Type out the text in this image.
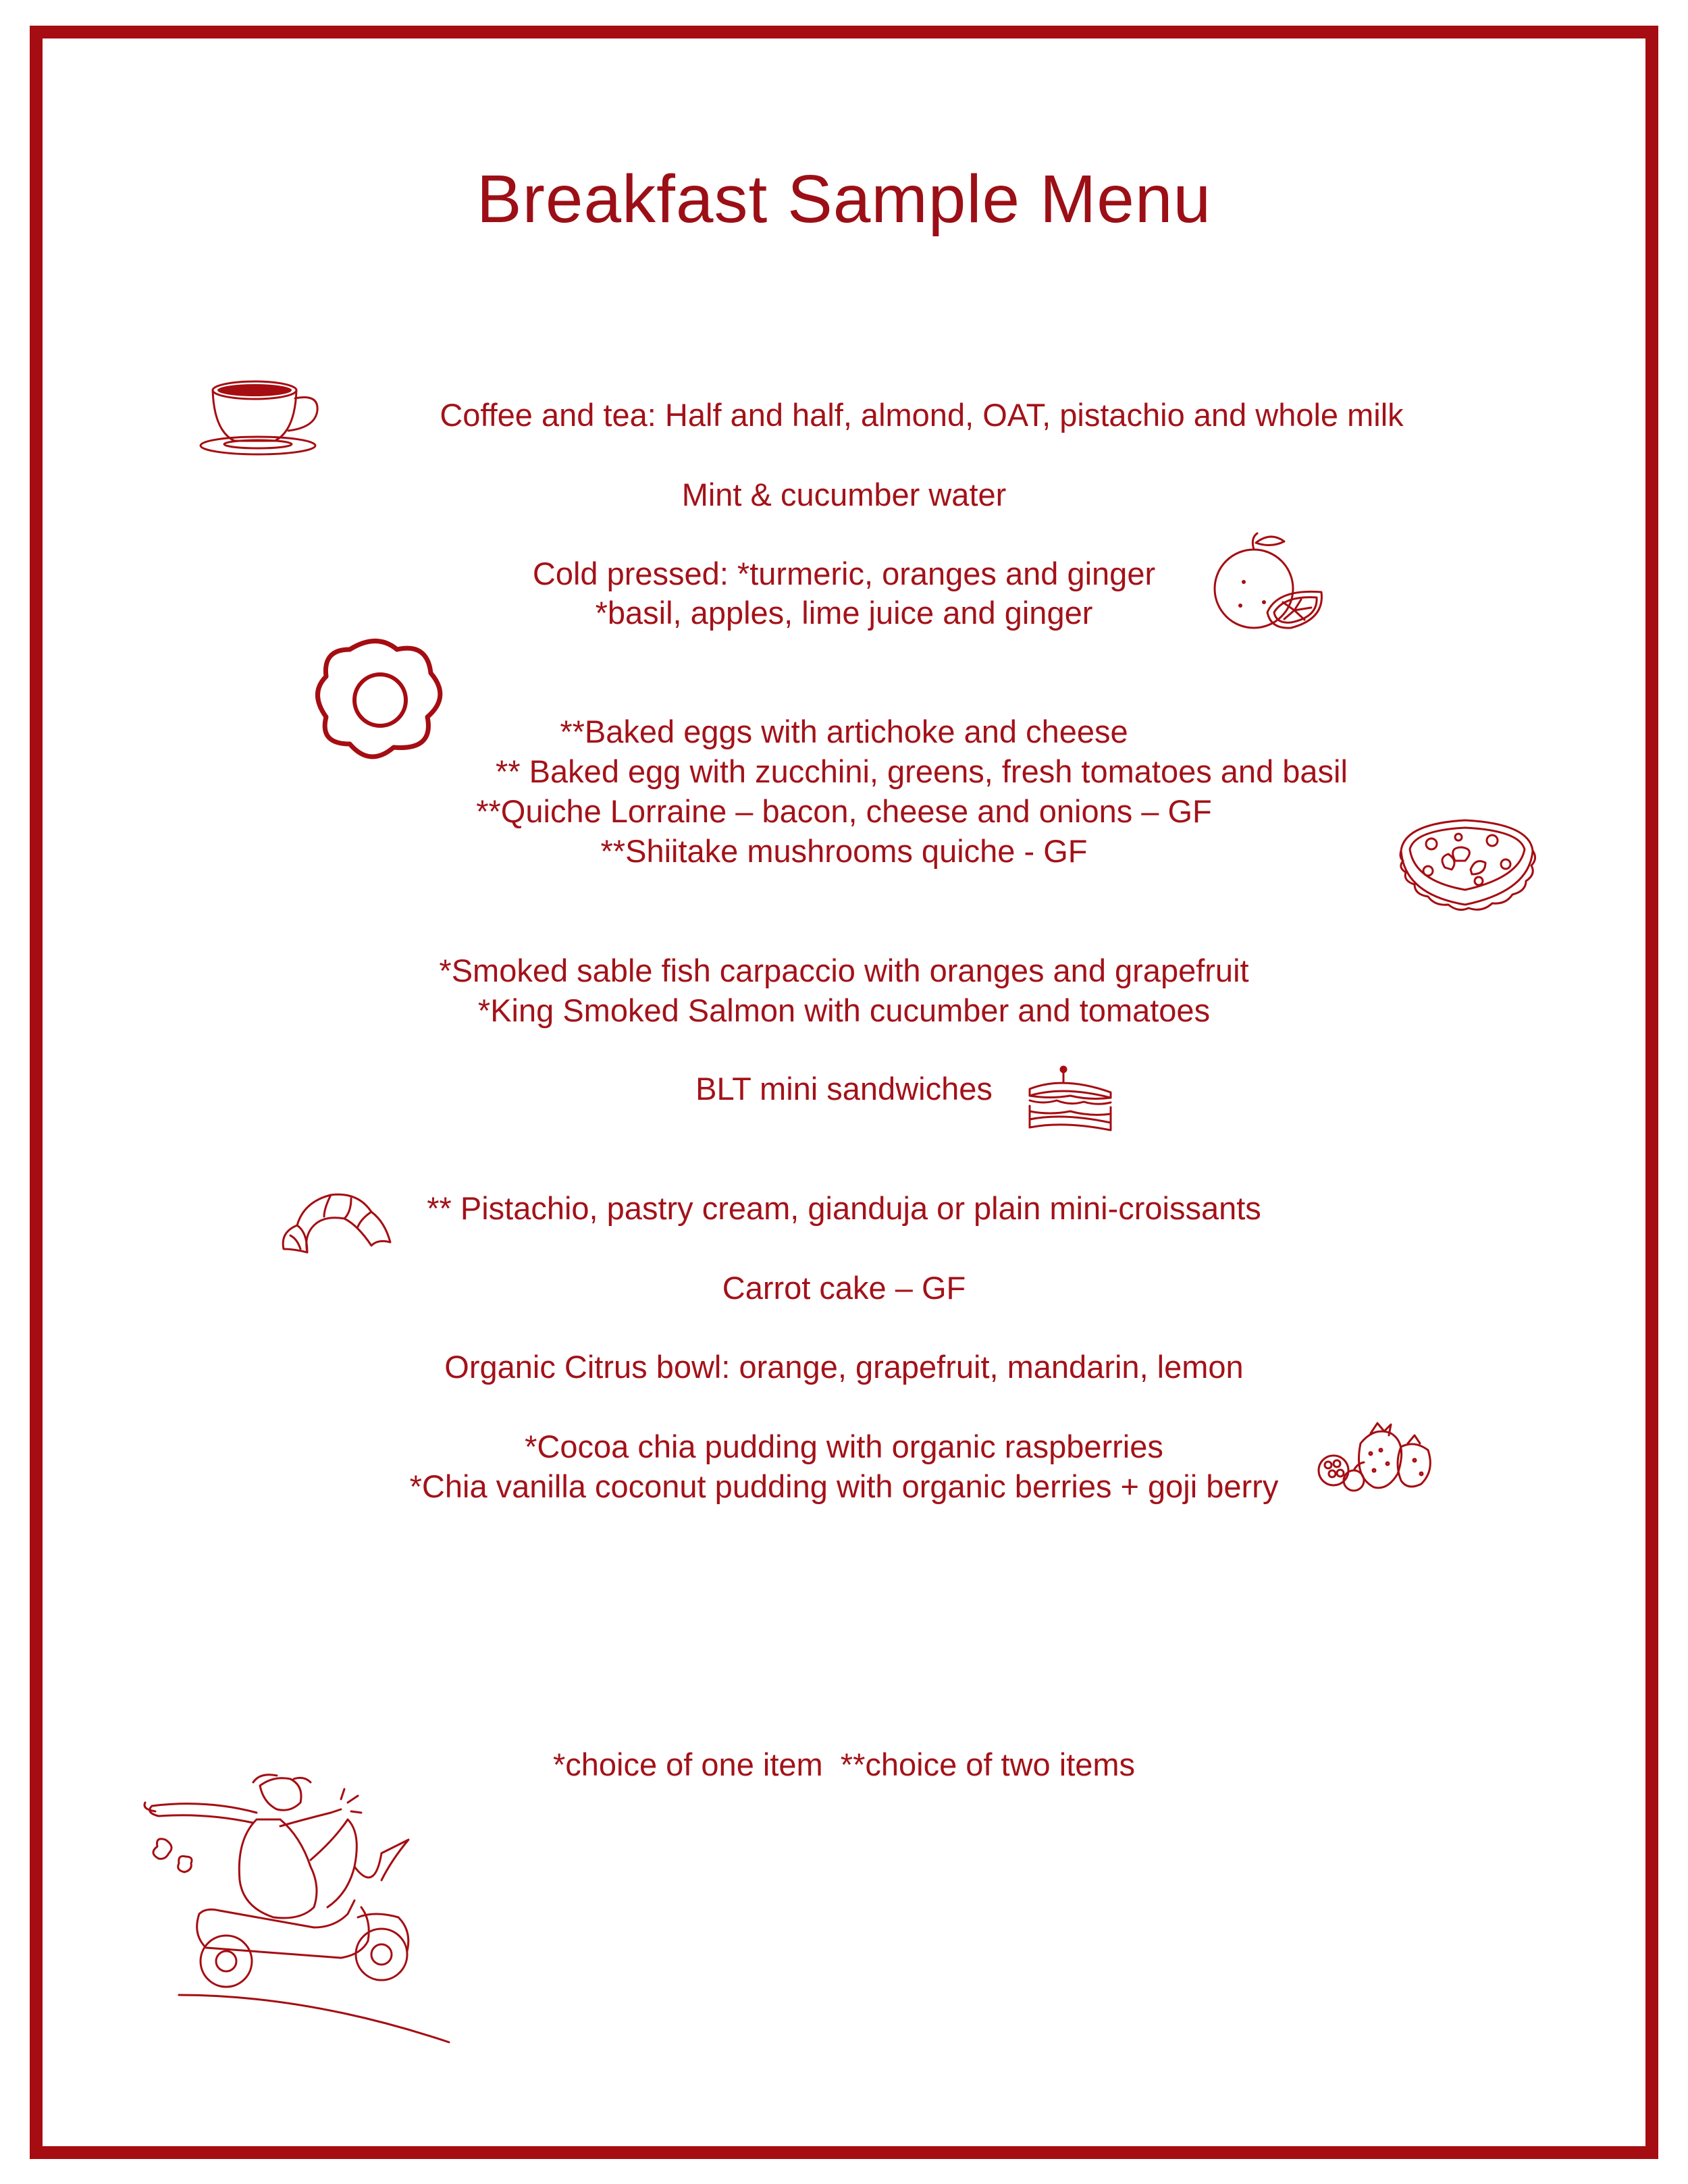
Breakfast Sample Menu
Coffee and tea: Half and half, almond, OAT, pistachio and whole milk
Mint & cucumber water
Cold pressed: *turmeric, oranges and ginger
*basil, apples, lime juice and ginger
**Baked eggs with artichoke and cheese
** Baked egg with zucchini, greens, fresh tomatoes and basil
**Quiche Lorraine – bacon, cheese and onions – GF
**Shiitake mushrooms quiche - GF
*Smoked sable fish carpaccio with oranges and grapefruit
*King Smoked Salmon with cucumber and tomatoes
BLT mini sandwiches
** Pistachio, pastry cream, gianduja or plain mini-croissants
Carrot cake – GF
Organic Citrus bowl: orange, grapefruit, mandarin, lemon
*Cocoa chia pudding with organic raspberries
*Chia vanilla coconut pudding with organic berries + goji berry
*choice of one item  **choice of two items
